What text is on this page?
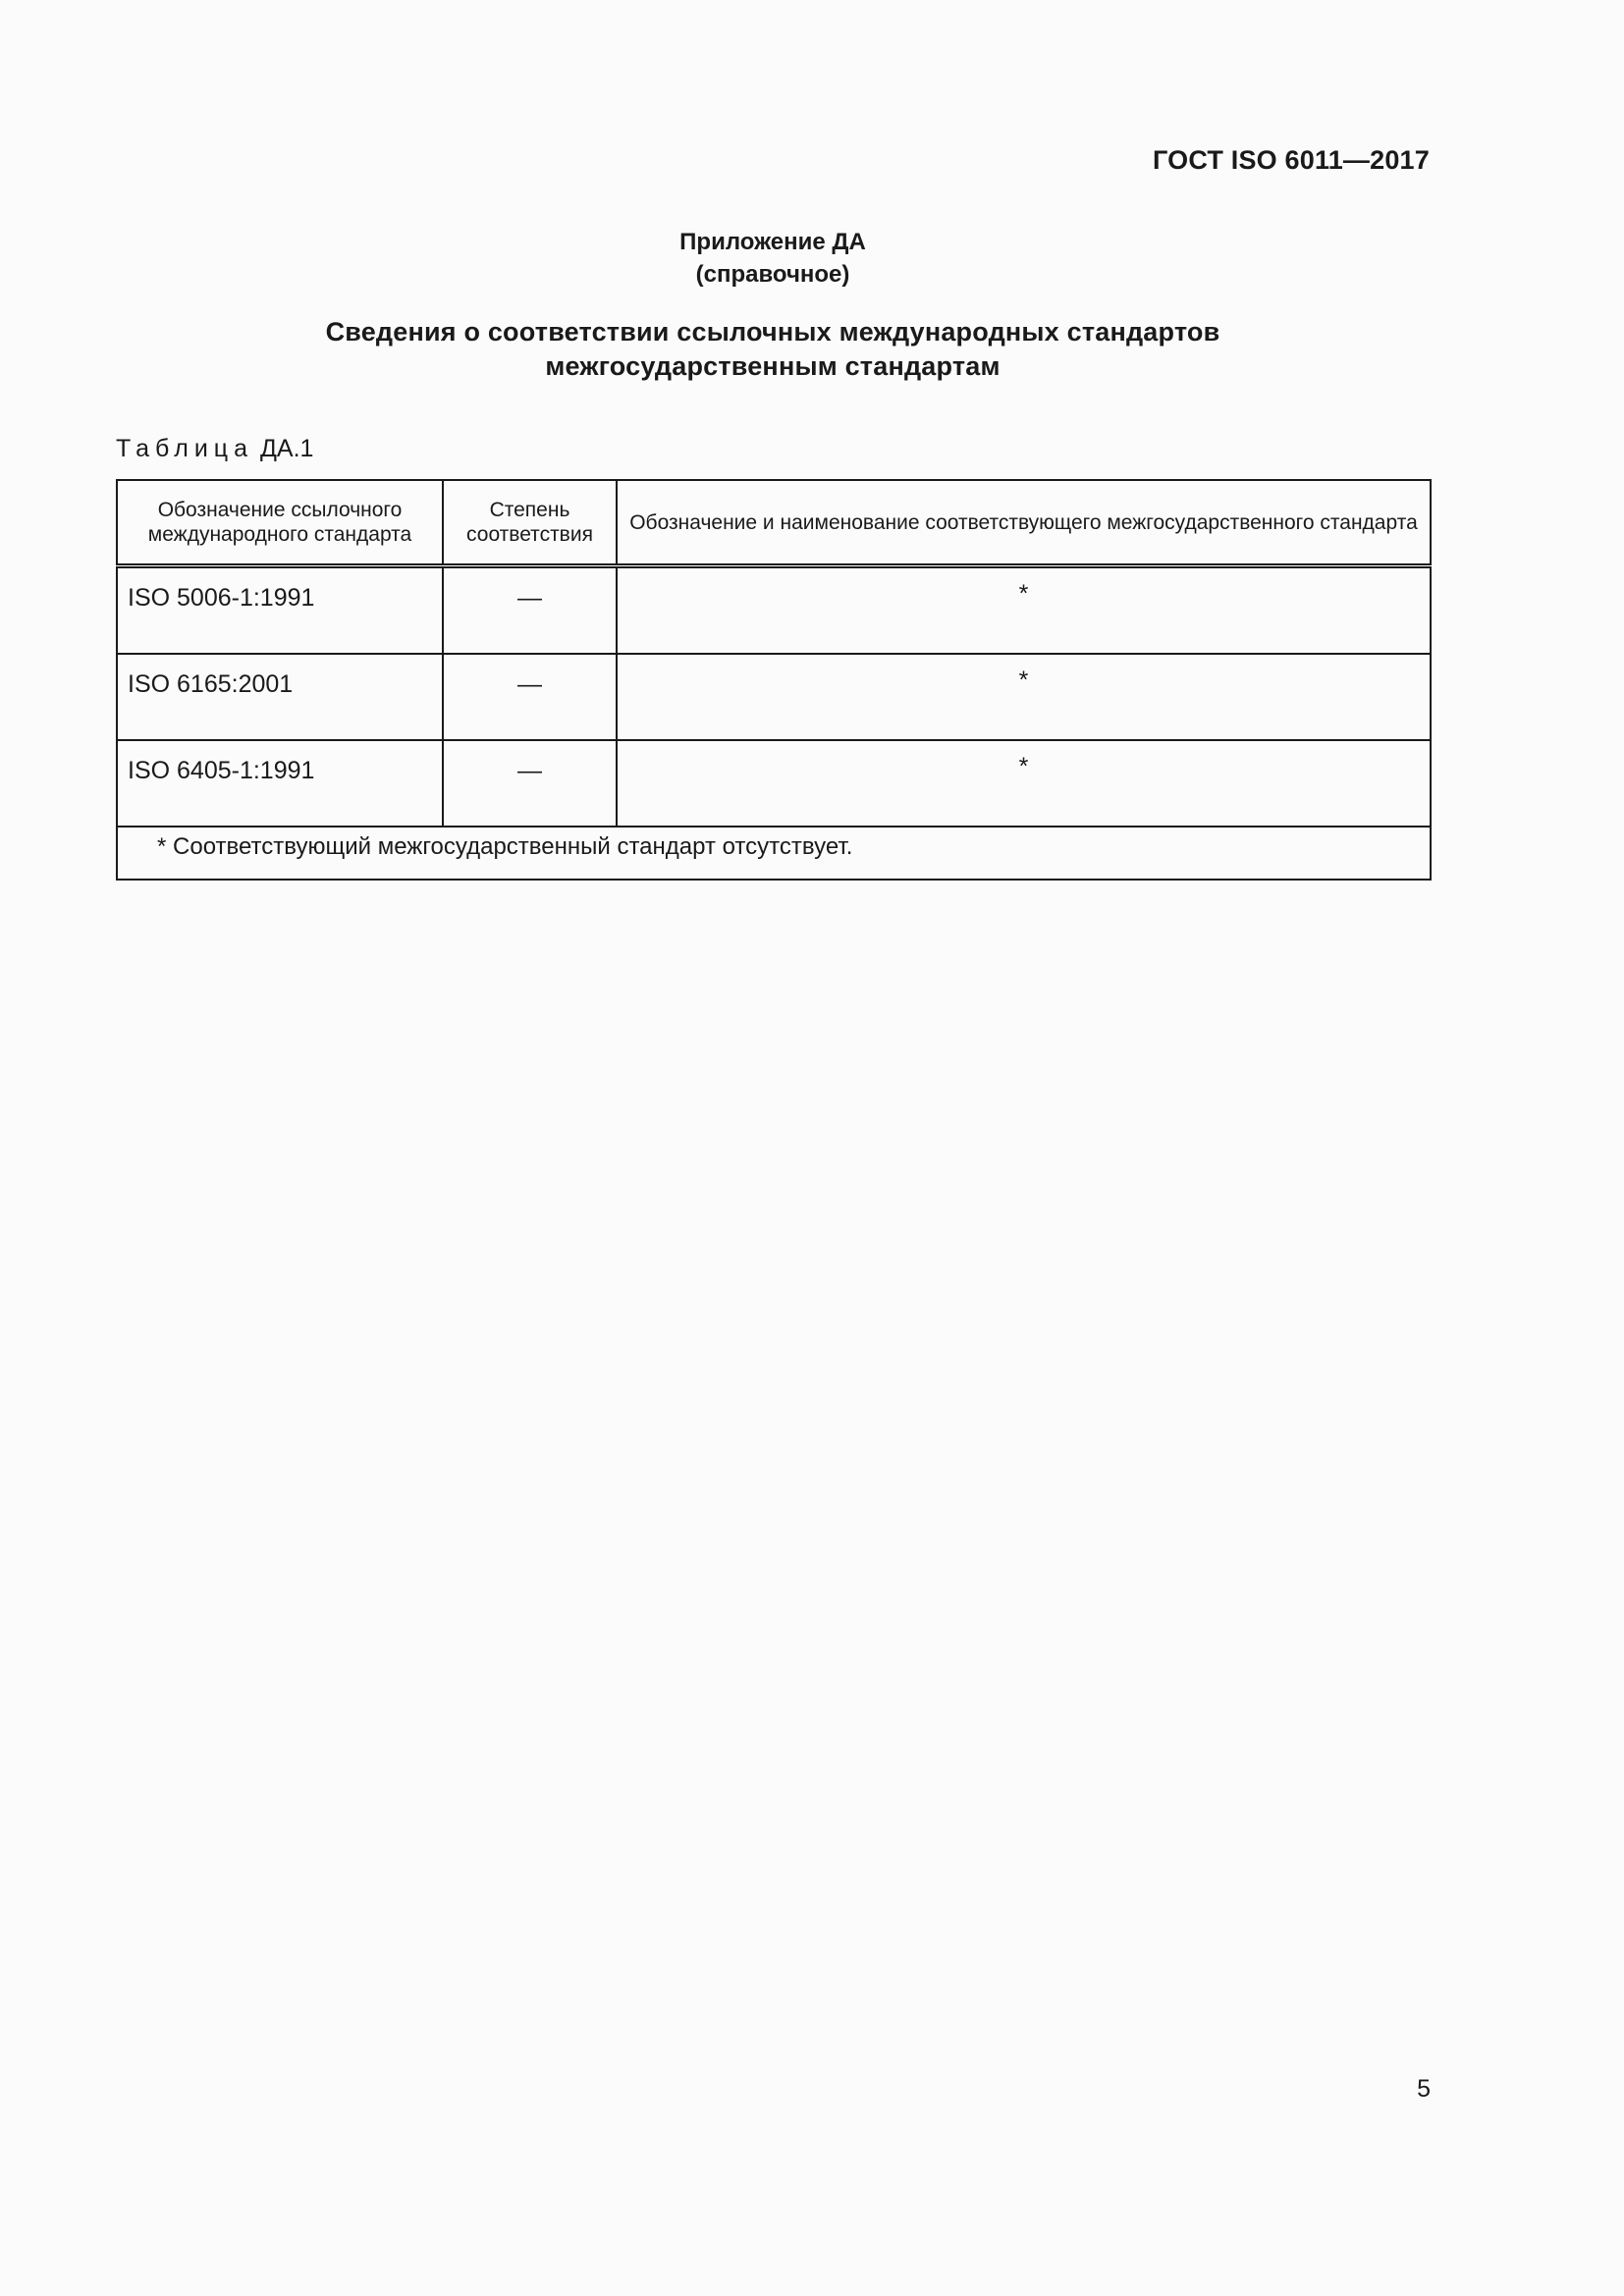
ГОСТ ISO 6011—2017
Приложение ДА
(справочное)
Сведения о соответствии ссылочных международных стандартов
межгосударственным стандартам
Таблица ДА.1
Обозначение ссылочного международного стандарта	Степень соответствия	Обозначение и наименование соответствующего межгосударственного стандарта
ISO 5006-1:1991	—	*
ISO 6165:2001	—	*
ISO 6405-1:1991	—	*
* Соответствующий межгосударственный стандарт отсутствует.		
5
